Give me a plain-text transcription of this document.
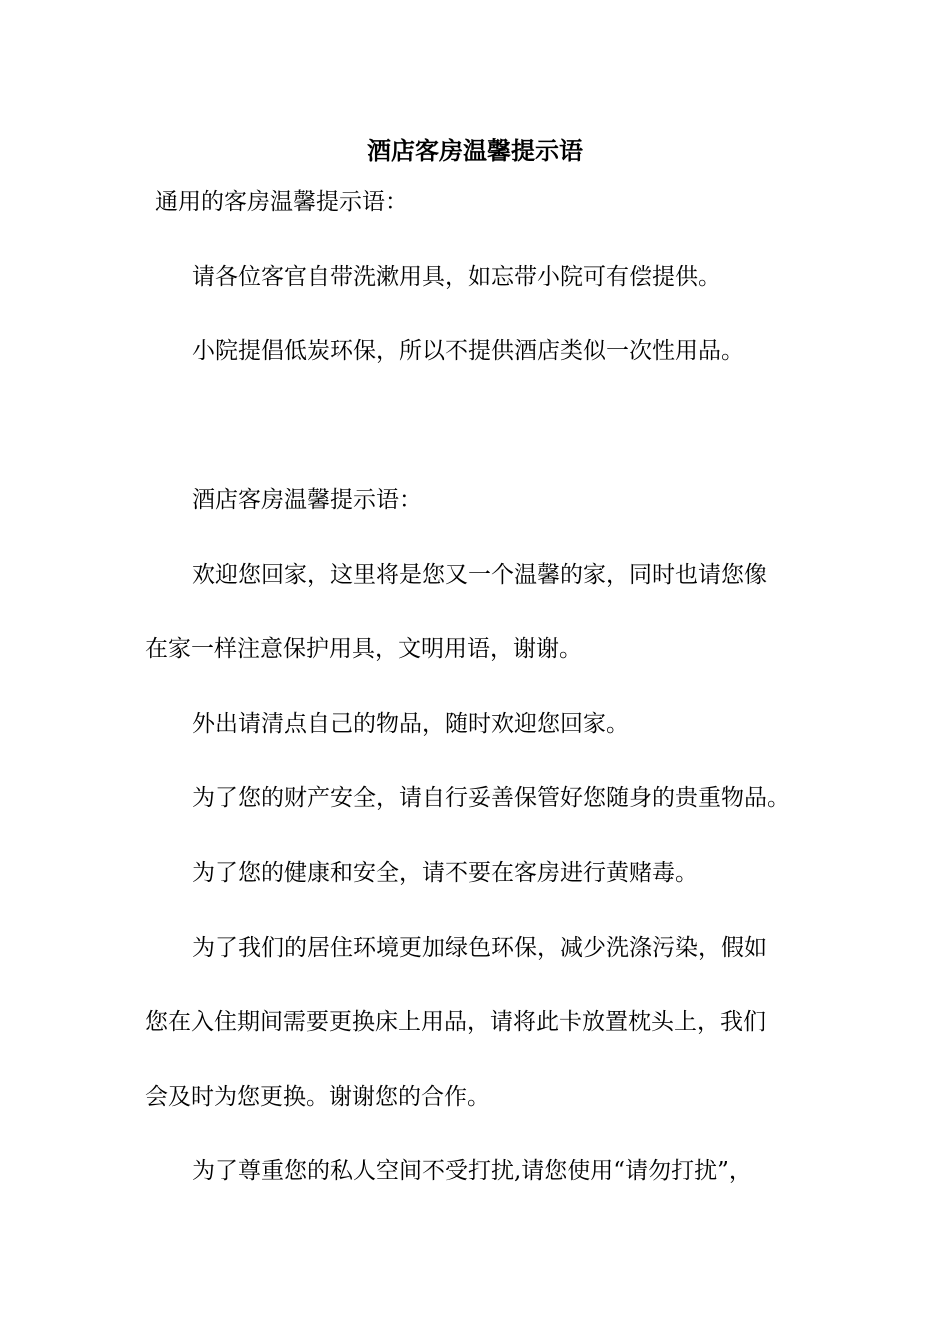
酒店客房温馨提示语

通用的客房温馨提示语：

请各位客官自带洗漱用具，如忘带小院可有偿提供。

小院提倡低炭环保，所以不提供酒店类似一次性用品。

酒店客房温馨提示语：

欢迎您回家，这里将是您又一个温馨的家，同时也请您像

在家一样注意保护用具，文明用语，谢谢。

外出请清点自己的物品，随时欢迎您回家。

为了您的财产安全，请自行妥善保管好您随身的贵重物品。

为了您的健康和安全，请不要在客房进行黄赌毒。

为了我们的居住环境更加绿色环保，减少洗涤污染，假如

您在入住期间需要更换床上用品，请将此卡放置枕头上，我们

会及时为您更换。谢谢您的合作。

为了尊重您的私人空间不受打扰,请您使用“请勿打扰”，
